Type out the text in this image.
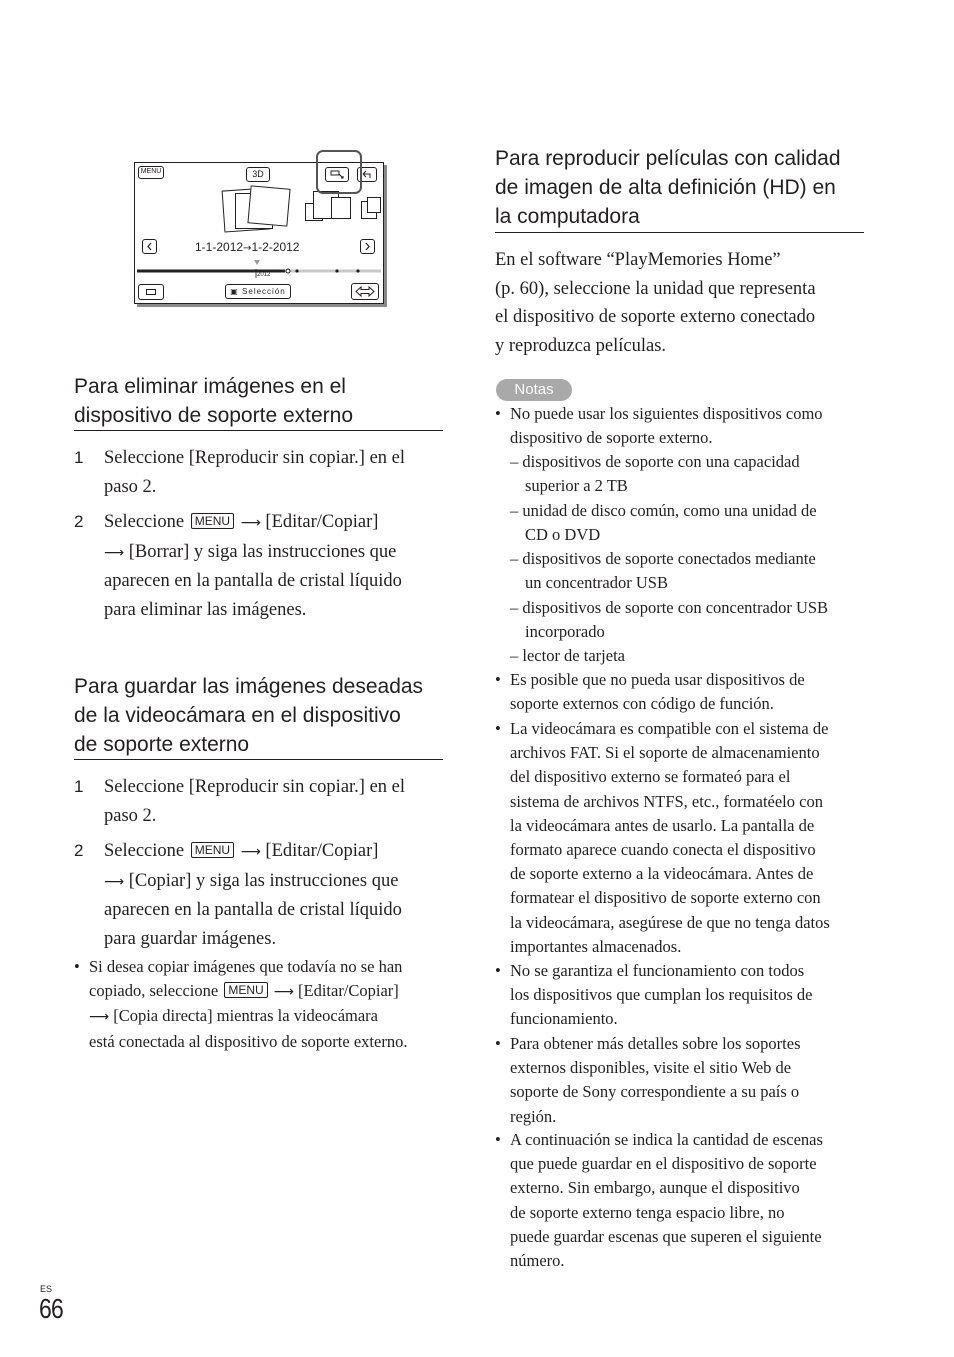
MENU	3D
1-1-2012→1-2-2012
2012
▣ Selección
Para eliminar imágenes en el
dispositivo de soporte externo
1 Seleccione [Reproducir sin copiar.] en el
paso 2.
2 Seleccione MENU ⟶ [Editar/Copiar]
⟶ [Borrar] y siga las instrucciones que
aparecen en la pantalla de cristal líquido
para eliminar las imágenes.
Para guardar las imágenes deseadas
de la videocámara en el dispositivo
de soporte externo
1 Seleccione [Reproducir sin copiar.] en el
paso 2.
2 Seleccione MENU ⟶ [Editar/Copiar]
⟶ [Copiar] y siga las instrucciones que
aparecen en la pantalla de cristal líquido
para guardar imágenes.
• Si desea copiar imágenes que todavía no se han
copiado, seleccione MENU ⟶ [Editar/Copiar]
⟶ [Copia directa] mientras la videocámara
está conectada al dispositivo de soporte externo.
Para reproducir películas con calidad
de imagen de alta definición (HD) en
la computadora
En el software “PlayMemories Home”
(p. 60), seleccione la unidad que representa
el dispositivo de soporte externo conectado
y reproduzca películas.
Notas
• No puede usar los siguientes dispositivos como
dispositivo de soporte externo.
– dispositivos de soporte con una capacidad
superior a 2 TB
– unidad de disco común, como una unidad de
CD o DVD
– dispositivos de soporte conectados mediante
un concentrador USB
– dispositivos de soporte con concentrador USB
incorporado
– lector de tarjeta
• Es posible que no pueda usar dispositivos de
soporte externos con código de función.
• La videocámara es compatible con el sistema de
archivos FAT. Si el soporte de almacenamiento
del dispositivo externo se formateó para el
sistema de archivos NTFS, etc., formatéelo con
la videocámara antes de usarlo. La pantalla de
formato aparece cuando conecta el dispositivo
de soporte externo a la videocámara. Antes de
formatear el dispositivo de soporte externo con
la videocámara, asegúrese de que no tenga datos
importantes almacenados.
• No se garantiza el funcionamiento con todos
los dispositivos que cumplan los requisitos de
funcionamiento.
• Para obtener más detalles sobre los soportes
externos disponibles, visite el sitio Web de
soporte de Sony correspondiente a su país o
región.
• A continuación se indica la cantidad de escenas
que puede guardar en el dispositivo de soporte
externo. Sin embargo, aunque el dispositivo
de soporte externo tenga espacio libre, no
puede guardar escenas que superen el siguiente
número.
ES
66
